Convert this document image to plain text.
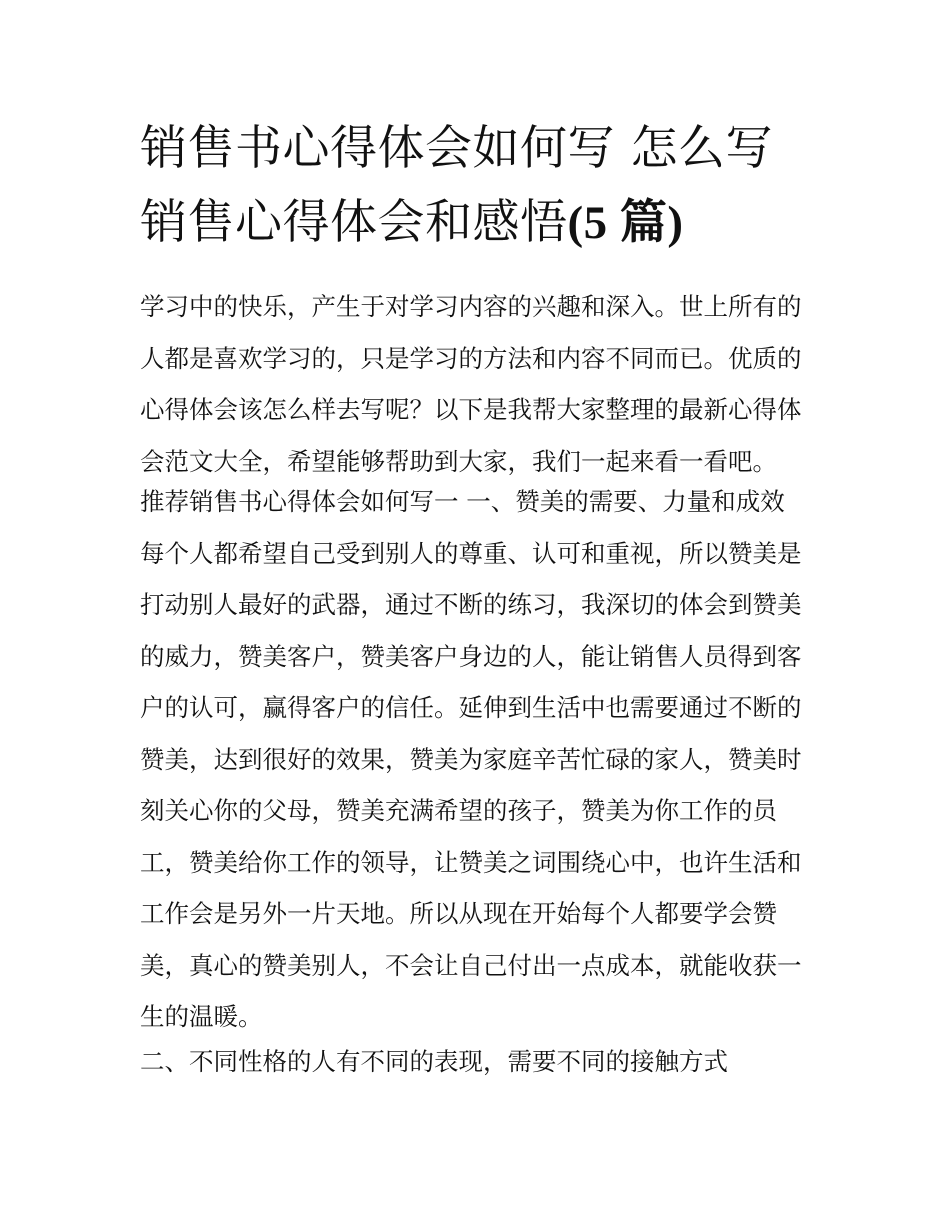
销售书心得体会如何写 怎么写
销售心得体会和感悟(5 篇)
学习中的快乐，产生于对学习内容的兴趣和深入。世上所有的
人都是喜欢学习的，只是学习的方法和内容不同而已。优质的
心得体会该怎么样去写呢？以下是我帮大家整理的最新心得体
会范文大全，希望能够帮助到大家，我们一起来看一看吧。
推荐销售书心得体会如何写一 一、赞美的需要、力量和成效
每个人都希望自己受到别人的尊重、认可和重视，所以赞美是
打动别人最好的武器，通过不断的练习，我深切的体会到赞美
的威力，赞美客户，赞美客户身边的人，能让销售人员得到客
户的认可，赢得客户的信任。延伸到生活中也需要通过不断的
赞美，达到很好的效果，赞美为家庭辛苦忙碌的家人，赞美时
刻关心你的父母，赞美充满希望的孩子，赞美为你工作的员
工，赞美给你工作的领导，让赞美之词围绕心中，也许生活和
工作会是另外一片天地。所以从现在开始每个人都要学会赞
美，真心的赞美别人，不会让自己付出一点成本，就能收获一
生的温暖。
二、不同性格的人有不同的表现，需要不同的接触方式
